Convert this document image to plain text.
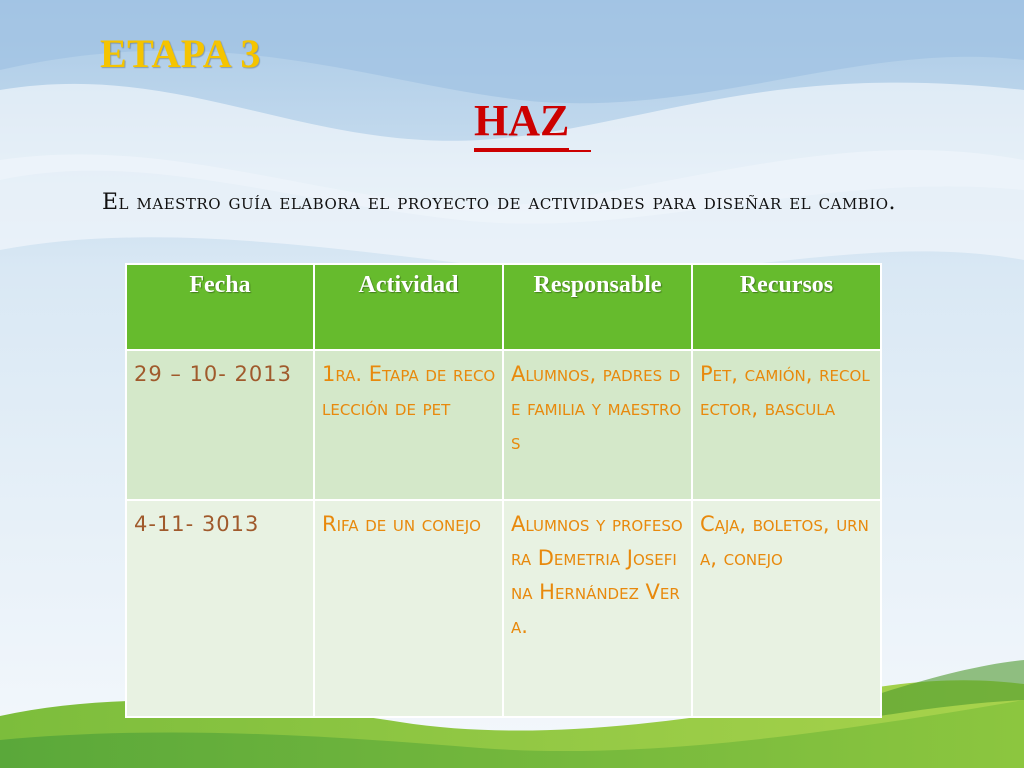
ETAPA 3
HAZ
El maestro guía elabora el proyecto de actividades para diseñar el cambio.
Fecha	Actividad	Responsable	Recursos
29 – 10- 2013	1ra. Etapa de recolección de pet	Alumnos, padres de familia y maestros	Pet, camión, recolector, bascula
4-11- 3013	Rifa de un conejo	Alumnos y profesora Demetria Josefina Hernández Vera.	Caja, boletos, urna, conejo
